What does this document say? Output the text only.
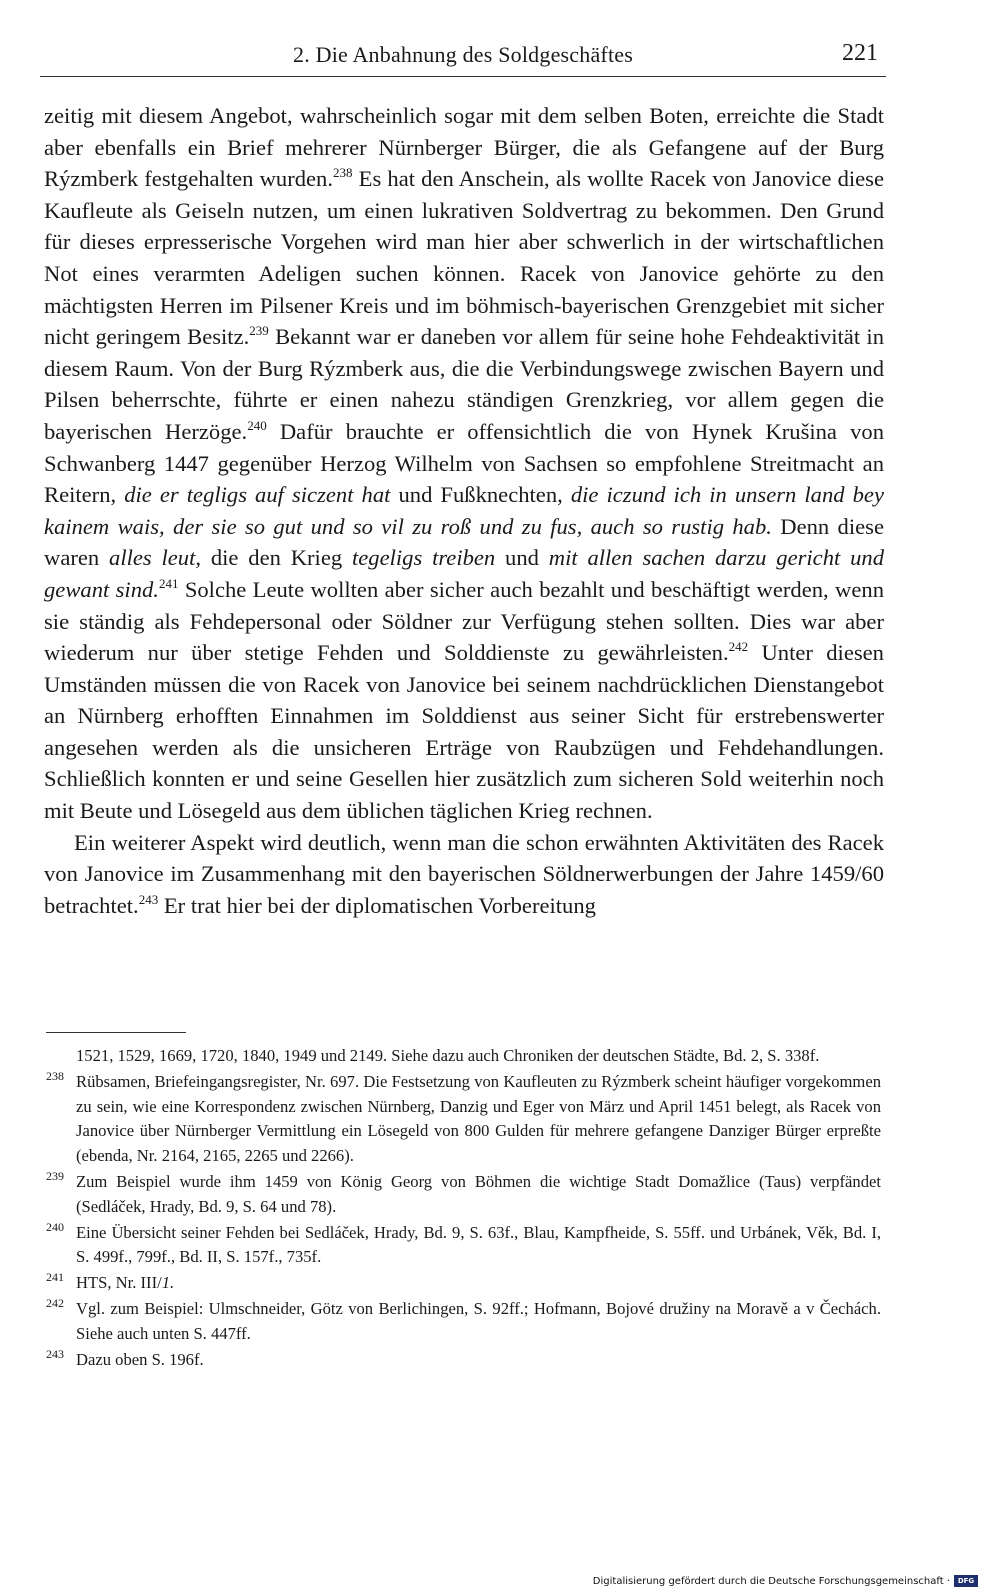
2. Die Anbahnung des Soldgeschäftes	221

zeitig mit diesem Angebot, wahrscheinlich sogar mit dem selben Boten, erreichte die Stadt aber ebenfalls ein Brief mehrerer Nürnberger Bürger, die als Gefangene auf der Burg Rýzmberk festgehalten wurden.$^{238}$ Es hat den Anschein, als wollte Racek von Janovice diese Kaufleute als Geiseln nutzen, um einen lukrativen Soldvertrag zu bekommen. Den Grund für dieses erpresserische Vorgehen wird man hier aber schwerlich in der wirtschaftlichen Not eines verarmten Adeligen suchen können. Racek von Janovice gehörte zu den mächtigsten Herren im Pilsener Kreis und im böhmisch-bayerischen Grenzgebiet mit sicher nicht geringem Besitz.$^{239}$ Bekannt war er daneben vor allem für seine hohe Fehdeaktivität in diesem Raum. Von der Burg Rýzmberk aus, die die Verbindungswege zwischen Bayern und Pilsen beherrschte, führte er einen nahezu ständigen Grenzkrieg, vor allem gegen die bayerischen Herzöge.$^{240}$ Dafür brauchte er offensichtlich die von Hynek Krušina von Schwanberg 1447 gegenüber Herzog Wilhelm von Sachsen so empfohlene Streitmacht an Reitern, die er tegligs auf siczent hat und Fußknechten, die iczund ich in unsern land bey kainem wais, der sie so gut und so vil zu roß und zu fus, auch so rustig hab. Denn diese waren alles leut, die den Krieg tegeligs treiben und mit allen sachen darzu gericht und gewant sind.$^{241}$ Solche Leute wollten aber sicher auch bezahlt und beschäftigt werden, wenn sie ständig als Fehdepersonal oder Söldner zur Verfügung stehen sollten. Dies war aber wiederum nur über stetige Fehden und Solddienste zu gewährleisten.$^{242}$ Unter diesen Umständen müssen die von Racek von Janovice bei seinem nachdrücklichen Dienstangebot an Nürnberg erhofften Einnahmen im Solddienst aus seiner Sicht für erstrebenswerter angesehen werden als die unsicheren Erträge von Raubzügen und Fehdehandlungen. Schließlich konnten er und seine Gesellen hier zusätzlich zum sicheren Sold weiterhin noch mit Beute und Lösegeld aus dem üblichen täglichen Krieg rechnen.

Ein weiterer Aspekt wird deutlich, wenn man die schon erwähnten Aktivitäten des Racek von Janovice im Zusammenhang mit den bayerischen Söldnerwerbungen der Jahre 1459/60 betrachtet.$^{243}$ Er trat hier bei der diplomatischen Vorbereitung

1521, 1529, 1669, 1720, 1840, 1949 und 2149. Siehe dazu auch Chroniken der deutschen Städte, Bd. 2, S. 338f.
238 Rübsamen, Briefeingangsregister, Nr. 697. Die Festsetzung von Kaufleuten zu Rýzmberk scheint häufiger vorgekommen zu sein, wie eine Korrespondenz zwischen Nürnberg, Danzig und Eger von März und April 1451 belegt, als Racek von Janovice über Nürnberger Vermittlung ein Lösegeld von 800 Gulden für mehrere gefangene Danziger Bürger erpreßte (ebenda, Nr. 2164, 2165, 2265 und 2266).
239 Zum Beispiel wurde ihm 1459 von König Georg von Böhmen die wichtige Stadt Domažlice (Taus) verpfändet (Sedláček, Hrady, Bd. 9, S. 64 und 78).
240 Eine Übersicht seiner Fehden bei Sedláček, Hrady, Bd. 9, S. 63f., Blau, Kampfheide, S. 55ff. und Urbánek, Věk, Bd. I, S. 499f., 799f., Bd. II, S. 157f., 735f.
241 HTS, Nr. III/1.
242 Vgl. zum Beispiel: Ulmschneider, Götz von Berlichingen, S. 92ff.; Hofmann, Bojové družiny na Moravě a v Čechách. Siehe auch unten S. 447ff.
243 Dazu oben S. 196f.
Digitalisierung gefördert durch die Deutsche Forschungsgemeinschaft ·	DFG
